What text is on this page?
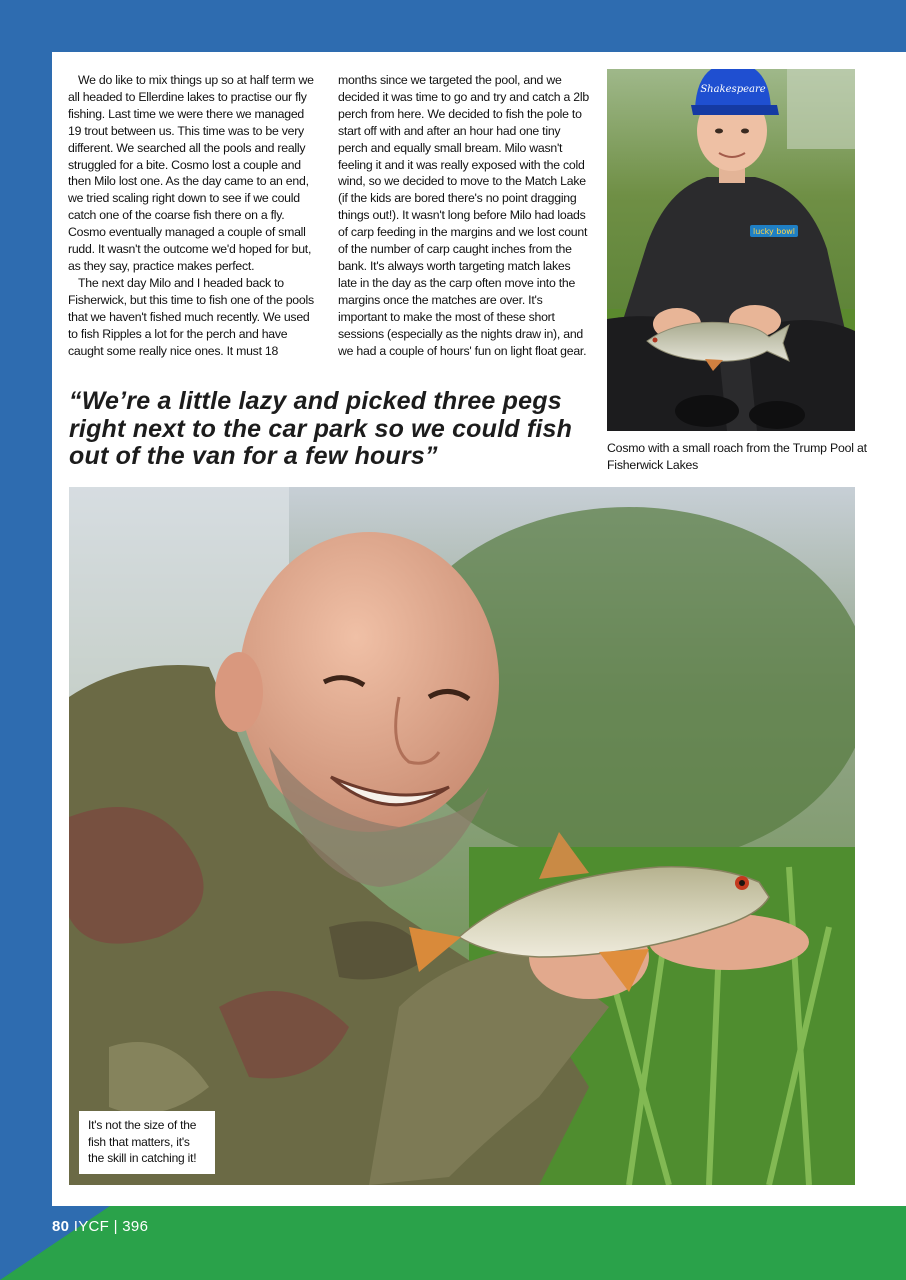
We do like to mix things up so at half term we all headed to Ellerdine lakes to practise our fly fishing. Last time we were there we managed 19 trout between us. This time was to be very different. We searched all the pools and really struggled for a bite. Cosmo lost a couple and then Milo lost one. As the day came to an end, we tried scaling right down to see if we could catch one of the coarse fish there on a fly. Cosmo eventually managed a couple of small rudd. It wasn't the outcome we'd hoped for but, as they say, practice makes perfect.

The next day Milo and I headed back to Fisherwick, but this time to fish one of the pools that we haven't fished much recently. We used to fish Ripples a lot for the perch and have caught some really nice ones. It must 18

months since we targeted the pool, and we decided it was time to go and try and catch a 2lb perch from here. We decided to fish the pole to start off with and after an hour had one tiny perch and equally small bream. Milo wasn't feeling it and it was really exposed with the cold wind, so we decided to move to the Match Lake (if the kids are bored there's no point dragging things out!). It wasn't long before Milo had loads of carp feeding in the margins and we lost count of the number of carp caught inches from the bank. It's always worth targeting match lakes late in the day as the carp often move into the margins once the matches are over. It's important to make the most of these short sessions (especially as the nights draw in), and we had a couple of hours' fun on light float gear.

“We’re a little lazy and picked three pegs right next to the car park so we could fish out of the van for a few hours”
Shakespeare
lucky bowl
Cosmo with a small roach from the Trump Pool at Fisherwick Lakes
It's not the size of the fish that matters, it's the skill in catching it!
80 IYCF | 396
